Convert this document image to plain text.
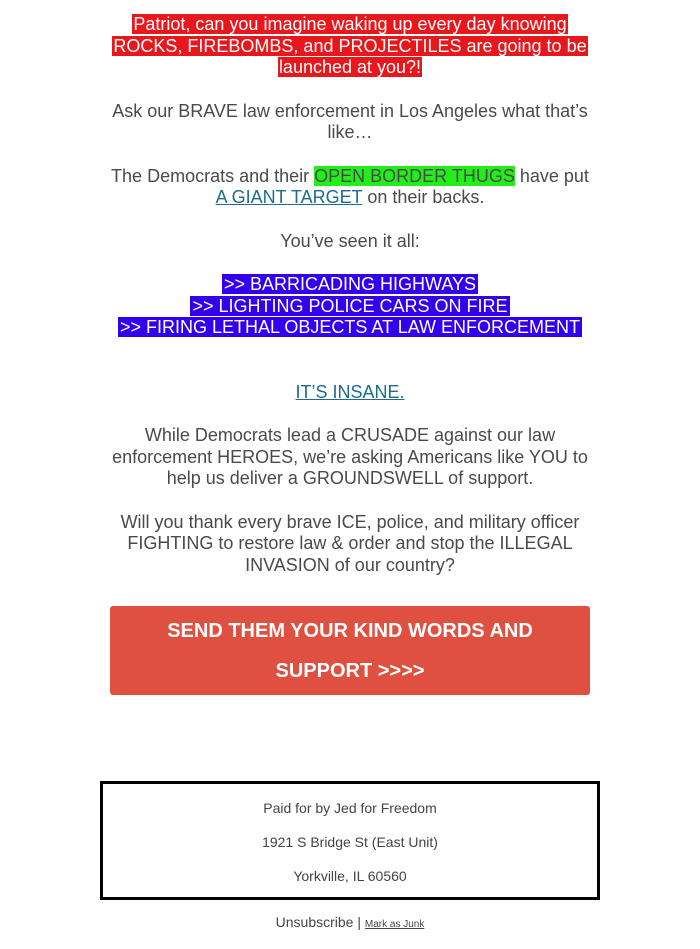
Patriot, can you imagine waking up every day knowing
ROCKS, FIREBOMBS, and PROJECTILES are going to be
launched at you?!

Ask our BRAVE law enforcement in Los Angeles what that’s like…

The Democrats and their OPEN BORDER THUGS have put
A GIANT TARGET on their backs.

You’ve seen it all:

>> BARRICADING HIGHWAYS
>> LIGHTING POLICE CARS ON FIRE
>> FIRING LETHAL OBJECTS AT LAW ENFORCEMENT

IT’S INSANE.

While Democrats lead a CRUSADE against our law enforcement HEROES, we’re asking Americans like YOU to help us deliver a GROUNDSWELL of support.

Will you thank every brave ICE, police, and military officer FIGHTING to restore law & order and stop the ILLEGAL INVASION of our country?

SEND THEM YOUR KIND WORDS AND
SUPPORT >>>>
Paid for by Jed for Freedom
1921 S Bridge St (East Unit)
Yorkville, IL 60560
Unsubscribe | Mark as Junk
